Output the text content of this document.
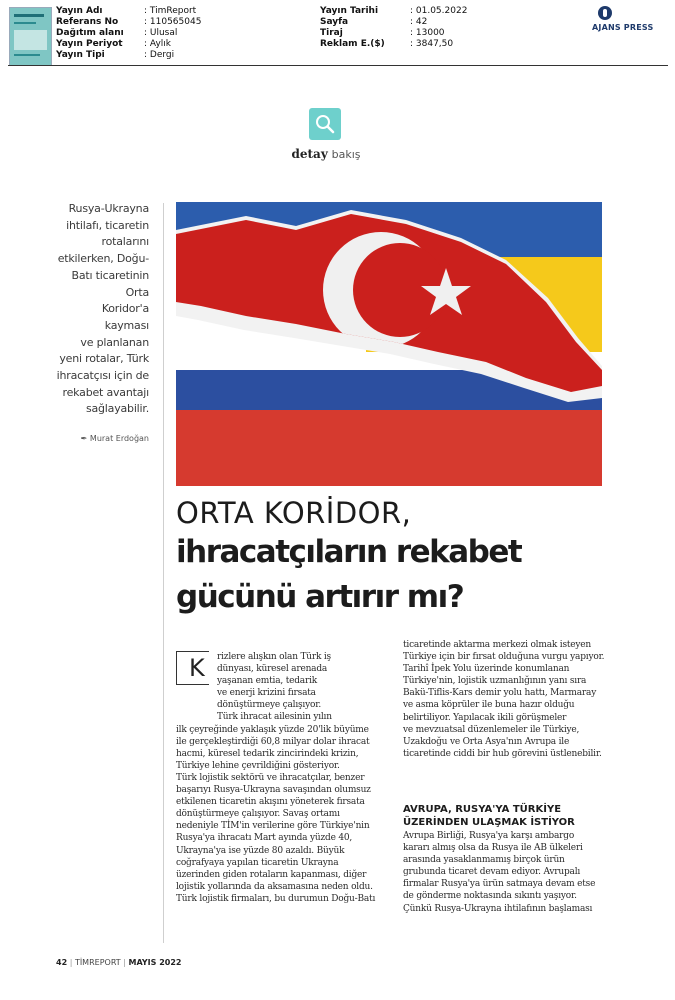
Yayın Adı	: TimReport
Referans No	: 110565045
Dağıtım alanı	: Ulusal
Yayın Periyot	: Aylık
Yayın Tipi	: Dergi
Yayın Tarihi	: 01.05.2022
Sayfa	: 42
Tiraj	: 13000
Reklam E.($)	: 3847,50
AJANS PRESS
detay bakış
Rusya-Ukrayna
ihtilafı, ticaretin
rotalarını
etkilerken, Doğu-
Batı ticaretinin Orta
Koridor'a kayması
ve planlanan
yeni rotalar, Türk
ihracatçısı için de
rekabet avantajı
sağlayabilir.
✒ Murat Erdoğan
ORTA KORİDOR,
ihracatçıların rekabet
gücünü artırır mı?
K	rizlere alışkın olan Türk iş
dünyası, küresel arenada
yaşanan emtia, tedarik
ve enerji krizini fırsata
dönüştürmeye çalışıyor.
Türk ihracat ailesinin yılın
ilk çeyreğinde yaklaşık yüzde 20'lik büyüme
ile gerçekleştirdiği 60,8 milyar dolar ihracat
hacmi, küresel tedarik zincirindeki krizin,
Türkiye lehine çevrildiğini gösteriyor.
Türk lojistik sektörü ve ihracatçılar, benzer
başarıyı Rusya-Ukrayna savaşından olumsuz
etkilenen ticaretin akışını yöneterek fırsata
dönüştürmeye çalışıyor. Savaş ortamı
nedeniyle TİM'in verilerine göre Türkiye'nin
Rusya'ya ihracatı Mart ayında yüzde 40,
Ukrayna'ya ise yüzde 80 azaldı. Büyük
coğrafyaya yapılan ticaretin Ukrayna
üzerinden giden rotaların kapanması, diğer
lojistik yollarında da aksamasına neden oldu.
Türk lojistik firmaları, bu durumun Doğu-Batı
ticaretinde aktarma merkezi olmak isteyen
Türkiye için bir fırsat olduğuna vurgu yapıyor.
Tarihî İpek Yolu üzerinde konumlanan
Türkiye'nin, lojistik uzmanlığının yanı sıra
Bakü-Tiflis-Kars demir yolu hattı, Marmaray
ve asma köprüler ile buna hazır olduğu
belirtiliyor. Yapılacak ikili görüşmeler
ve mevzuatsal düzenlemeler ile Türkiye,
Uzakdoğu ve Orta Asya'nın Avrupa ile
ticaretinde ciddi bir hub görevini üstlenebilir.
AVRUPA, RUSYA'YA TÜRKİYE
ÜZERİNDEN ULAŞMAK İSTİYOR
Avrupa Birliği, Rusya'ya karşı ambargo
kararı almış olsa da Rusya ile AB ülkeleri
arasında yasaklanmamış birçok ürün
grubunda ticaret devam ediyor. Avrupalı
firmalar Rusya'ya ürün satmaya devam etse
de gönderme noktasında sıkıntı yaşıyor.
Çünkü Rusya-Ukrayna ihtilafının başlaması
42 | TİMREPORT | MAYIS 2022
